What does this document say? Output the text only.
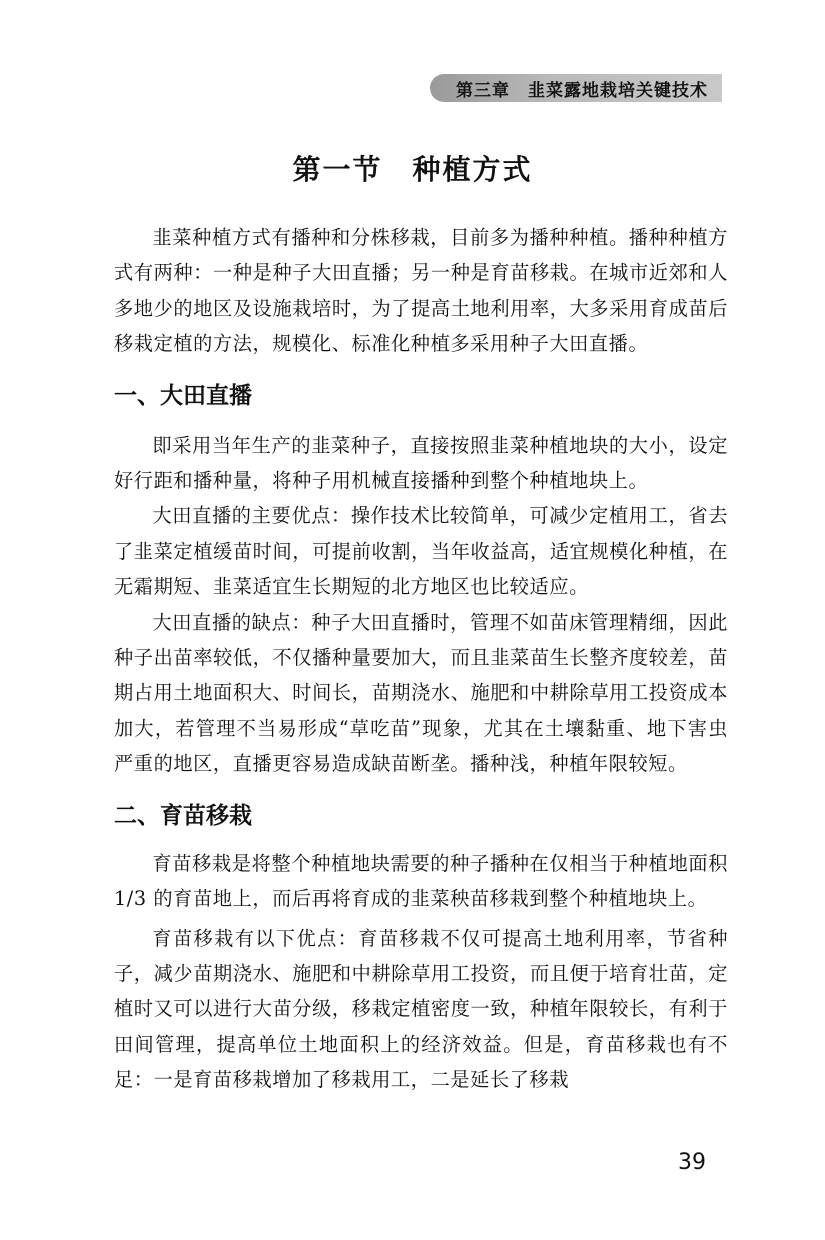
第三章　韭菜露地栽培关键技术
第一节　种植方式

韭菜种植方式有播种和分株移栽，目前多为播种种植。播种种植方式有两种：一种是种子大田直播；另一种是育苗移栽。在城市近郊和人多地少的地区及设施栽培时，为了提高土地利用率，大多采用育成苗后移栽定植的方法，规模化、标准化种植多采用种子大田直播。

一、大田直播

即采用当年生产的韭菜种子，直接按照韭菜种植地块的大小，设定好行距和播种量，将种子用机械直接播种到整个种植地块上。

大田直播的主要优点：操作技术比较简单，可减少定植用工，省去了韭菜定植缓苗时间，可提前收割，当年收益高，适宜规模化种植，在无霜期短、韭菜适宜生长期短的北方地区也比较适应。

大田直播的缺点：种子大田直播时，管理不如苗床管理精细，因此种子出苗率较低，不仅播种量要加大，而且韭菜苗生长整齐度较差，苗期占用土地面积大、时间长，苗期浇水、施肥和中耕除草用工投资成本加大，若管理不当易形成“草吃苗”现象，尤其在土壤黏重、地下害虫严重的地区，直播更容易造成缺苗断垄。播种浅，种植年限较短。

二、育苗移栽

育苗移栽是将整个种植地块需要的种子播种在仅相当于种植地面积 1/3 的育苗地上，而后再将育成的韭菜秧苗移栽到整个种植地块上。

育苗移栽有以下优点：育苗移栽不仅可提高土地利用率，节省种子，减少苗期浇水、施肥和中耕除草用工投资，而且便于培育壮苗，定植时又可以进行大苗分级，移栽定植密度一致，种植年限较长，有利于田间管理，提高单位土地面积上的经济效益。但是，育苗移栽也有不足：一是育苗移栽增加了移栽用工，二是延长了移栽

39
